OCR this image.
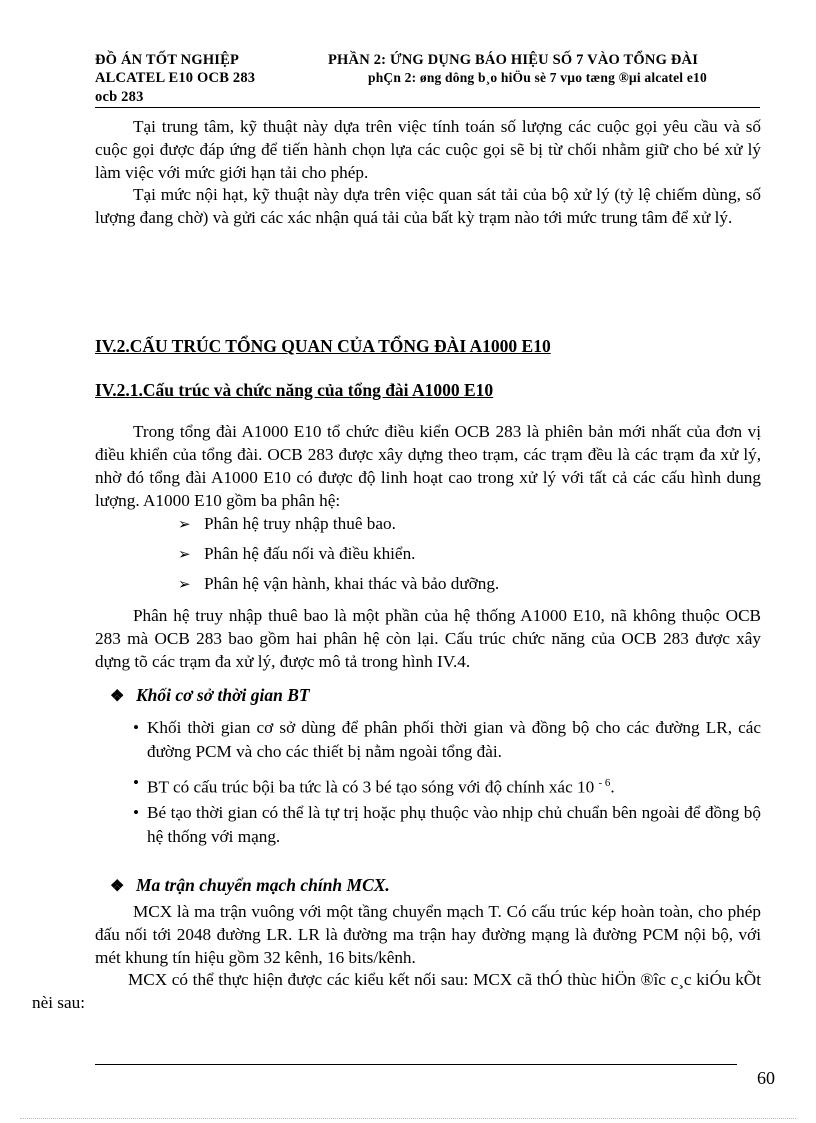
ĐỒ ÁN TỐT NGHIỆP
ALCATEL E10 OCB 283
ocb 283
PHẦN 2: ỨNG DỤNG BÁO HIỆU SỐ 7 VÀO TỔNG ĐÀI
phÇn 2: øng dông b¸o hiÖu sè 7 vµo tæng ®µi alcatel e10
Tại trung tâm, kỹ thuật này dựa trên việc tính toán số lượng các cuộc gọi yêu cầu và số cuộc gọi được đáp ứng để tiến hành chọn lựa các cuộc gọi sẽ bị từ chối nhằm giữ cho bé xử lý làm việc với mức giới hạn tải cho phép.
Tại mức nội hạt, kỹ thuật này dựa trên việc quan sát tải của bộ xử lý (tỷ lệ chiếm dùng, số lượng đang chờ) và gửi các xác nhận quá tải của bất kỳ trạm nào tới mức trung tâm để xử lý.
IV.2.CẤU TRÚC TỔNG QUAN CỦA TỔNG ĐÀI A1000 E10
IV.2.1.Cấu trúc và chức năng của tổng đài A1000 E10
Trong tổng đài A1000 E10 tổ chức điều kiển OCB 283 là phiên bản mới nhất của đơn vị điều khiển của tổng đài. OCB 283 được xây dựng theo trạm, các trạm đều là các trạm đa xử lý, nhờ đó tổng đài A1000 E10 có được độ linh hoạt cao trong xử lý với tất cả các cấu hình dung lượng. A1000 E10 gồm ba phân hệ:
➢ Phân hệ truy nhập thuê bao.
➢ Phân hệ đấu nối và điều khiển.
➢ Phân hệ vận hành, khai thác và bảo dưỡng.
Phân hệ truy nhập thuê bao là một phần của hệ thống A1000 E10, nã không thuộc OCB 283 mà OCB 283 bao gồm hai phân hệ còn lại. Cấu trúc chức năng của OCB 283 được xây dựng tõ các trạm đa xử lý, được mô tả trong hình IV.4.
❖ Khối cơ sở thời gian BT
• Khối thời gian cơ sở dùng để phân phối thời gian và đồng bộ cho các đường LR, các đường PCM và cho các thiết bị nằm ngoài tổng đài.
• BT có cấu trúc bội ba tức là có 3 bé tạo sóng với độ chính xác 10 $^{- 6}$.
• Bé tạo thời gian có thể là tự trị hoặc phụ thuộc vào nhịp chủ chuẩn bên ngoài để đồng bộ hệ thống với mạng.
❖ Ma trận chuyển mạch chính MCX.
MCX là ma trận vuông với một tầng chuyển mạch T. Có cấu trúc kép hoàn toàn, cho phép đấu nối tới 2048 đường LR. LR là đường ma trận hay đường mạng là đường PCM nội bộ, với mét khung tín hiệu gồm 32 kênh, 16 bits/kênh.
MCX có thể thực hiện được các kiểu kết nối sau: MCX cã thÓ thùc hiÖn ®îc c¸c kiÓu kÕt nèi sau:
60
